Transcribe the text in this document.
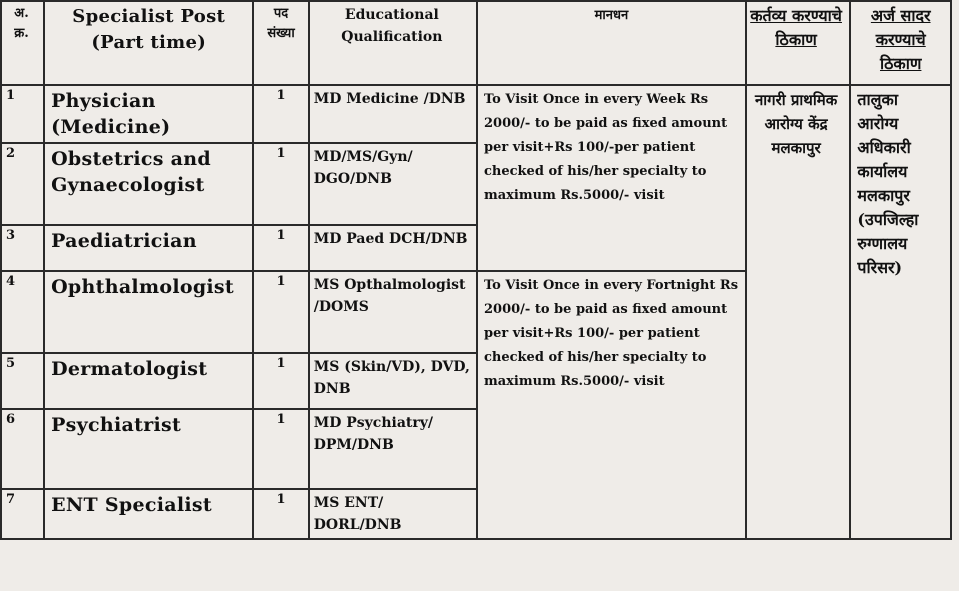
अ. क्र.	Specialist Post (Part time)	पद संख्या	Educational Qualification	मानधन	कर्तव्य करण्याचे ठिकाण	अर्ज सादर करण्याचे ठिकाण
1	Physician (Medicine)	1	MD Medicine /DNB	To Visit Once in every Week Rs 2000/- to be paid as fixed amount per visit+Rs 100/-per patient checked of his/her specialty to maximum Rs.5000/- visit	नागरी प्राथमिक आरोग्य केंद्र मलकापुर	तालुका आरोग्य अधिकारी कार्यालय मलकापुर (उपजिल्हा रुग्णालय परिसर)
2	Obstetrics and Gynaecologist	1	MD/MS/Gyn/ DGO/DNB			
3	Paediatrician	1	MD Paed DCH/DNB			
4	Ophthalmologist	1	MS Opthalmologist /DOMS	To Visit Once in every Fortnight Rs 2000/- to be paid as fixed amount per visit+Rs 100/- per patient checked of his/her specialty to maximum Rs.5000/- visit		
5	Dermatologist	1	MS (Skin/VD), DVD, DNB			
6	Psychiatrist	1	MD Psychiatry/ DPM/DNB			
7	ENT Specialist	1	MS ENT/ DORL/DNB			
